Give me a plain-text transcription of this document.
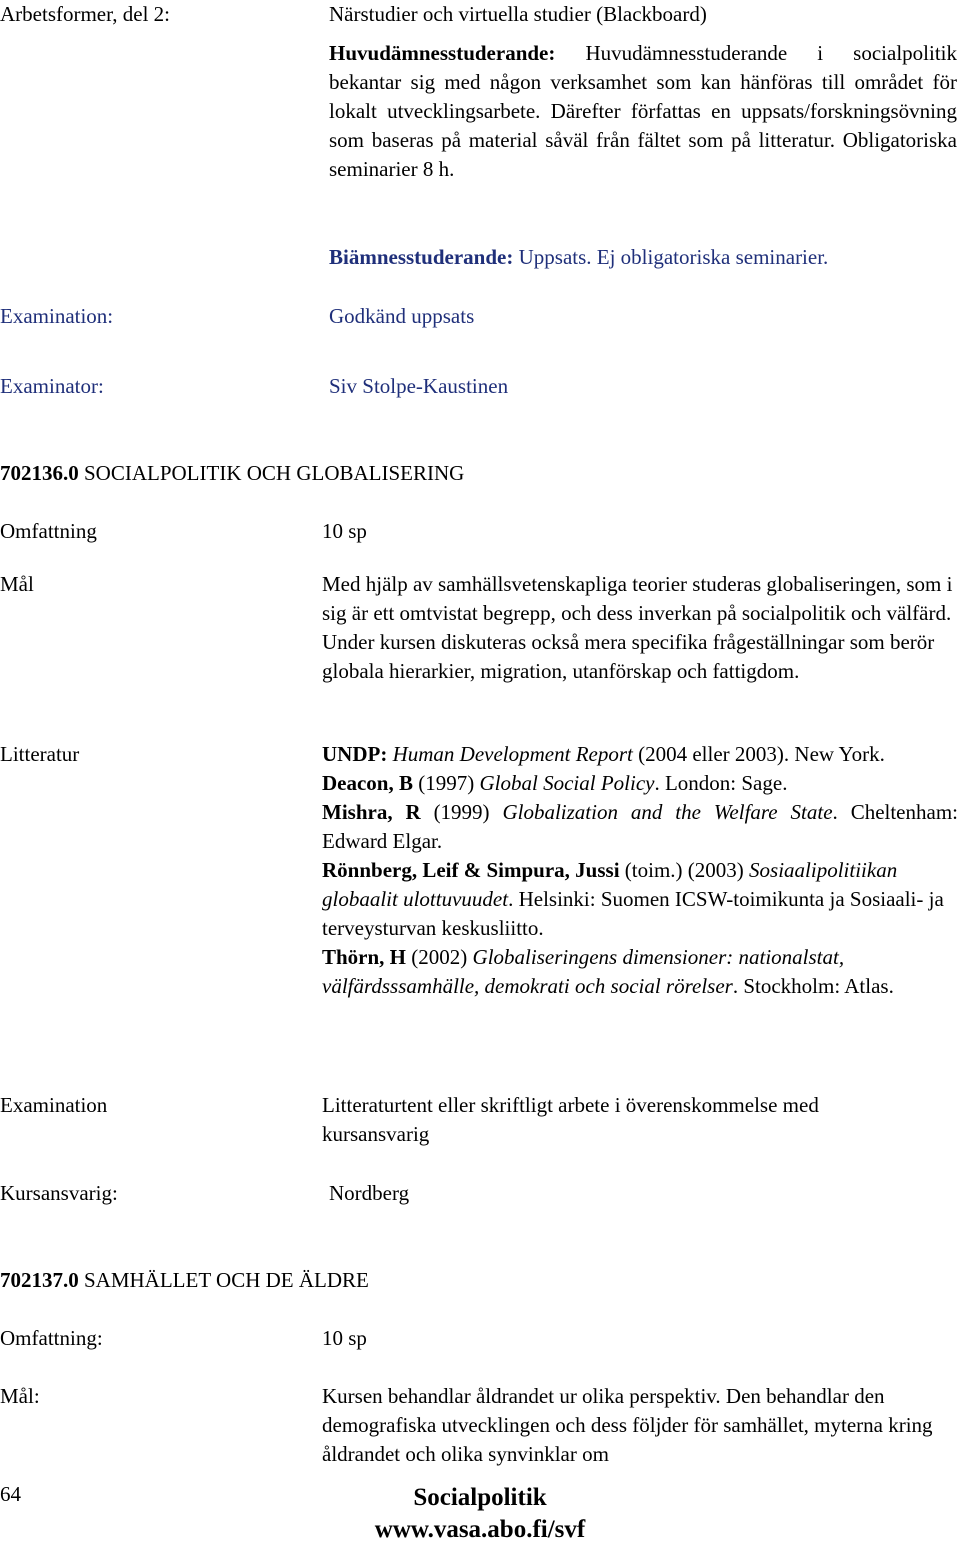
Arbetsformer, del 2:	Närstudier och virtuella studier (Blackboard)
Huvudämnesstuderande: Huvudämnesstuderande i socialpolitik bekantar sig med någon verksamhet som kan hänföras till området för lokalt utvecklingsarbete. Därefter författas en uppsats/forskningsövning som baseras på material såväl från fältet som på litteratur. Obligatoriska seminarier 8 h.
Biämnesstuderande: Uppsats. Ej obligatoriska seminarier.
Examination:	Godkänd uppsats
Examinator:	Siv Stolpe-Kaustinen
702136.0 SOCIALPOLITIK OCH GLOBALISERING
Omfattning	10 sp
Mål	Med hjälp av samhällsvetenskapliga teorier studeras globaliseringen, som i sig är ett omtvistat begrepp, och dess inverkan på socialpolitik och välfärd. Under kursen diskuteras också mera specifika frågeställningar som berör globala hierarkier, migration, utanförskap och fattigdom.
Litteratur	UNDP: Human Development Report (2004 eller 2003). New York.
Deacon, B (1997) Global Social Policy. London: Sage.
Mishra, R (1999) Globalization and the Welfare State. Cheltenham: Edward Elgar.
Rönnberg, Leif & Simpura, Jussi (toim.) (2003) Sosiaalipolitiikan globaalit ulottuvuudet. Helsinki: Suomen ICSW-toimikunta ja Sosiaali- ja terveysturvan keskusliitto.
Thörn, H (2002) Globaliseringens dimensioner: nationalstat, välfärdsssamhälle, demokrati och social rörelser. Stockholm: Atlas.
Examination	Litteraturtent eller skriftligt arbete i överenskommelse med kursansvarig
Kursansvarig:	Nordberg
702137.0 SAMHÄLLET OCH DE ÄLDRE
Omfattning:	10 sp
Mål:	Kursen behandlar åldrandet ur olika perspektiv. Den behandlar den demografiska utvecklingen och dess följder för samhället, myterna kring åldrandet och olika synvinklar om
64	Socialpolitik
www.vasa.abo.fi/svf
